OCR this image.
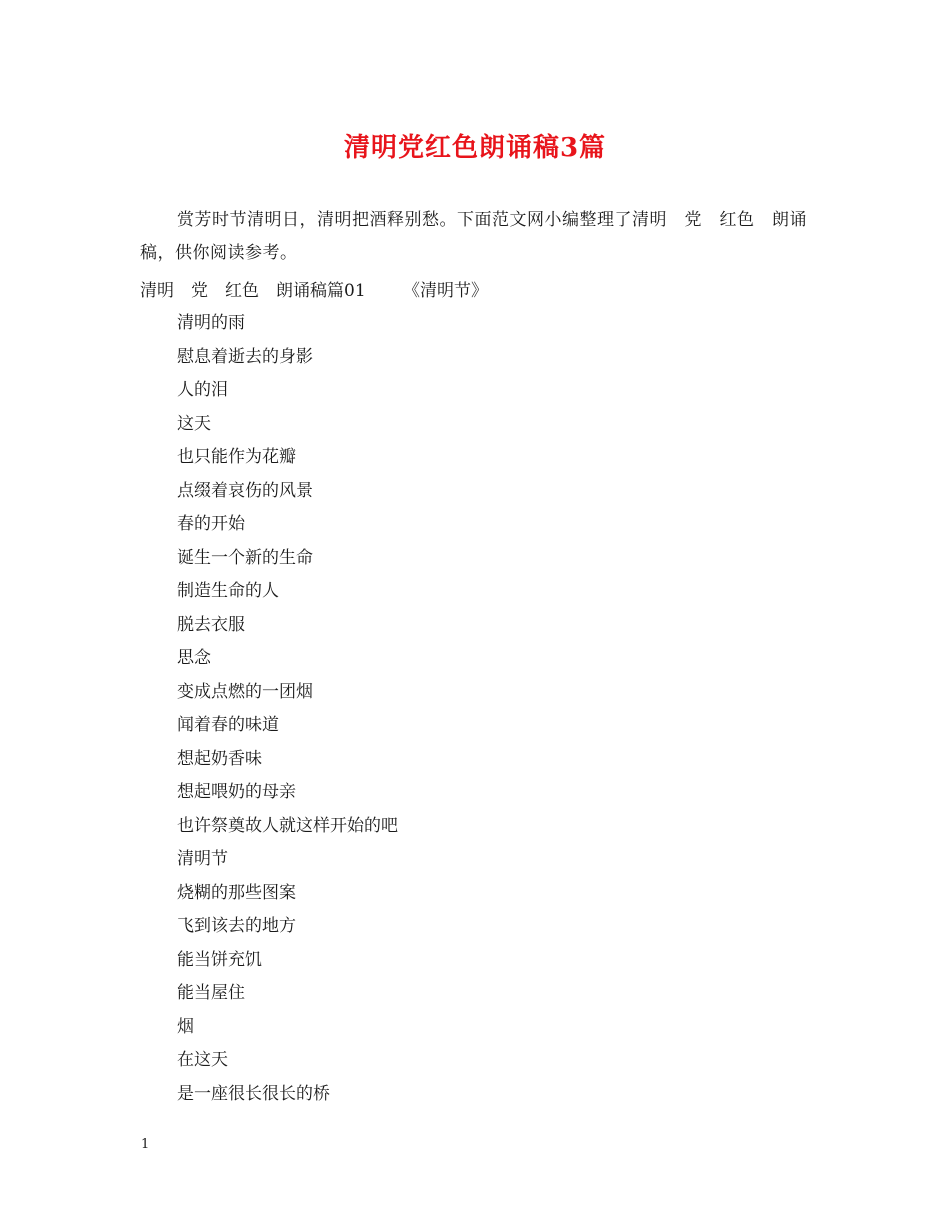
清明党红色朗诵稿3篇

赏芳时节清明日，清明把酒释别愁。下面范文网小编整理了清明　党　红色　朗诵稿，供你阅读参考。

清明　党　红色　朗诵稿篇01 《清明节》
清明的雨
慰息着逝去的身影
人的泪
这天
也只能作为花瓣
点缀着哀伤的风景
春的开始
诞生一个新的生命
制造生命的人
脱去衣服
思念
变成点燃的一团烟
闻着春的味道
想起奶香味
想起喂奶的母亲
也许祭奠故人就这样开始的吧
清明节
烧糊的那些图案
飞到该去的地方
能当饼充饥
能当屋住
烟
在这天
是一座很长很长的桥
1
